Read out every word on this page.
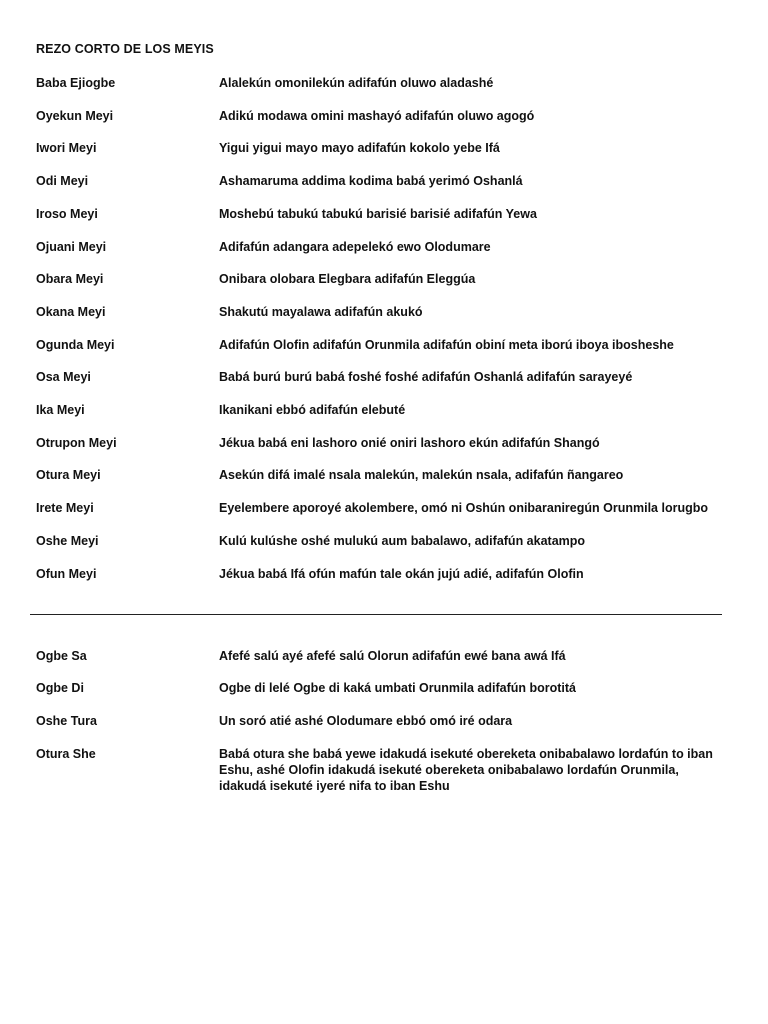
REZO CORTO DE LOS MEYIS
Baba Ejiogbe	Alalekún omonilekún adifafún oluwo aladashé
Oyekun Meyi	Adikú modawa omini mashayó adifafún oluwo agogó
Iwori Meyi	Yigui yigui mayo mayo adifafún kokolo yebe Ifá
Odi Meyi	Ashamaruma addima kodima babá yerimó Oshanlá
Iroso Meyi	Moshebú tabukú tabukú barisié barisié adifafún Yewa
Ojuani Meyi	Adifafún adangara adepelekó ewo Olodumare
Obara Meyi	Onibara olobara Elegbara adifafún Eleggúa
Okana Meyi	Shakutú mayalawa adifafún akukó
Ogunda Meyi	Adifafún Olofin adifafún Orunmila adifafún obiní meta iború iboya ibosheshe
Osa Meyi	Babá burú burú babá foshé foshé adifafún Oshanlá adifafún sarayeyé
Ika Meyi	Ikanikani ebbó adifafún elebuté
Otrupon Meyi	Jékua babá eni lashoro onié oniri lashoro ekún adifafún Shangó
Otura Meyi	Asekún difá imalé nsala malekún, malekún nsala, adifafún ñangareo
Irete Meyi	Eyelembere aporoyé akolembere, omó ni Oshún onibaraniregún Orunmila lorugbo
Oshe Meyi	Kulú kulúshe oshé mulukú aum babalawo, adifafún akatampo
Ofun Meyi	Jékua babá Ifá ofún mafún tale okán jujú adié, adifafún Olofin
Ogbe Sa	Afefé salú ayé afefé salú Olorun adifafún ewé bana awá Ifá
Ogbe Di	Ogbe di lelé Ogbe di kaká umbati Orunmila adifafún borotitá
Oshe Tura	Un soró atié ashé Olodumare ebbó omó iré odara
Otura She	Babá otura she babá yewe idakudá isekuté obereketa onibabalawo lordafún to iban Eshu, ashé Olofin idakudá isekuté obereketa onibabalawo lordafún Orunmila, idakudá isekuté iyeré nifa to iban Eshu
